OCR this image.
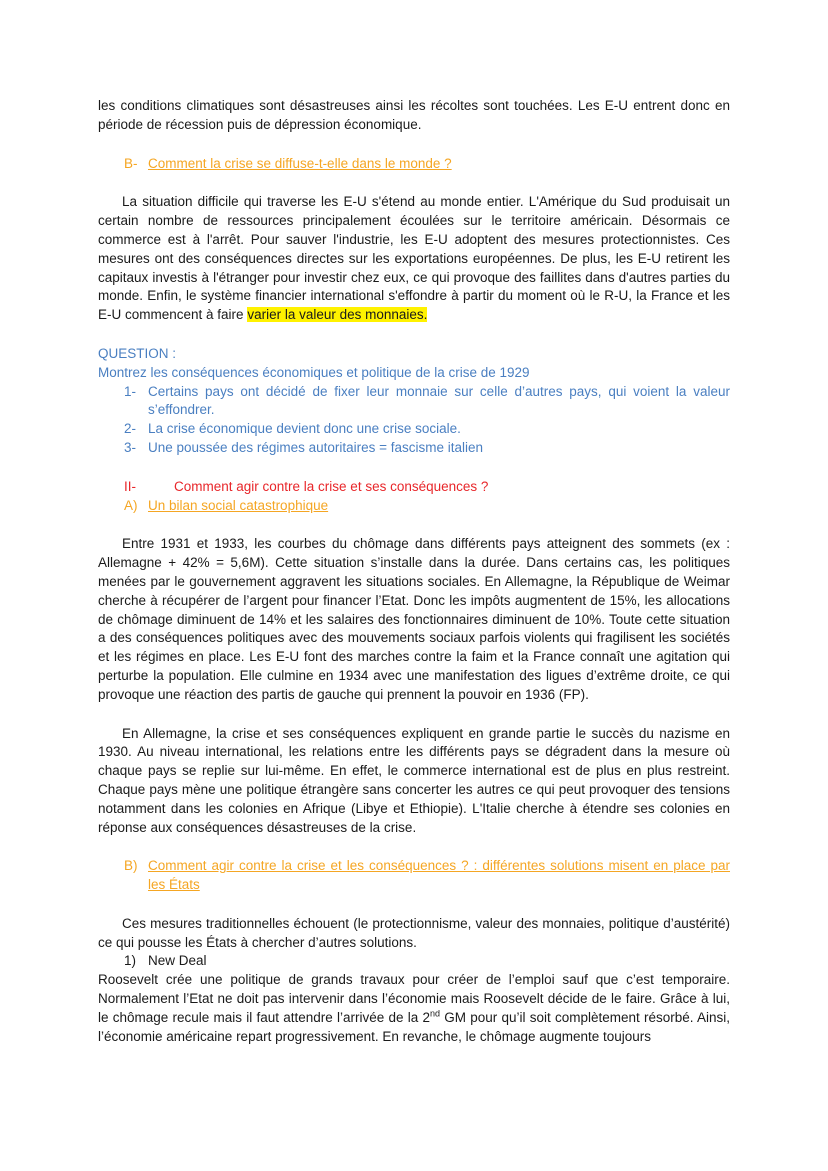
les conditions climatiques sont désastreuses ainsi les récoltes sont touchées. Les E-U entrent donc en période de récession puis de dépression économique.

B- Comment la crise se diffuse-t-elle dans le monde ?

La situation difficile qui traverse les E-U s'étend au monde entier. L'Amérique du Sud produisait un certain nombre de ressources principalement écoulées sur le territoire américain. Désormais ce commerce est à l'arrêt. Pour sauver l'industrie, les E-U adoptent des mesures protectionnistes. Ces mesures ont des conséquences directes sur les exportations européennes. De plus, les E-U retirent les capitaux investis à l'étranger pour investir chez eux, ce qui provoque des faillites dans d'autres parties du monde. Enfin, le système financier international s'effondre à partir du moment où le R-U, la France et les E-U commencent à faire varier la valeur des monnaies.

QUESTION :
Montrez les conséquences économiques et politique de la crise de 1929
1- Certains pays ont décidé de fixer leur monnaie sur celle d’autres pays, qui voient la valeur s’effondrer.
2- La crise économique devient donc une crise sociale.
3- Une poussée des régimes autoritaires = fascisme italien
II-	Comment agir contre la crise et ses conséquences ?
A) Un bilan social catastrophique

Entre 1931 et 1933, les courbes du chômage dans différents pays atteignent des sommets (ex : Allemagne + 42% = 5,6M). Cette situation s’installe dans la durée. Dans certains cas, les politiques menées par le gouvernement aggravent les situations sociales. En Allemagne, la République de Weimar cherche à récupérer de l’argent pour financer l’Etat. Donc les impôts augmentent de 15%, les allocations de chômage diminuent de 14% et les salaires des fonctionnaires diminuent de 10%. Toute cette situation a des conséquences politiques avec des mouvements sociaux parfois violents qui fragilisent les sociétés et les régimes en place. Les E-U font des marches contre la faim et la France connaît une agitation qui perturbe la population. Elle culmine en 1934 avec une manifestation des ligues d’extrême droite, ce qui provoque une réaction des partis de gauche qui prennent la pouvoir en 1936 (FP).

En Allemagne, la crise et ses conséquences expliquent en grande partie le succès du nazisme en 1930. Au niveau international, les relations entre les différents pays se dégradent dans la mesure où chaque pays se replie sur lui-même. En effet, le commerce international est de plus en plus restreint. Chaque pays mène une politique étrangère sans concerter les autres ce qui peut provoquer des tensions notamment dans les colonies en Afrique (Libye et Ethiopie). L'Italie cherche à étendre ses colonies en réponse aux conséquences désastreuses de la crise.

B) Comment agir contre la crise et les conséquences ? : différentes solutions misent en place par les États

Ces mesures traditionnelles échouent (le protectionnisme, valeur des monnaies, politique d’austérité) ce qui pousse les États à chercher d’autres solutions.

1) New Deal

Roosevelt crée une politique de grands travaux pour créer de l’emploi sauf que c’est temporaire. Normalement l’Etat ne doit pas intervenir dans l’économie mais Roosevelt décide de le faire. Grâce à lui, le chômage recule mais il faut attendre l’arrivée de la 2nd GM pour qu’il soit complètement résorbé. Ainsi, l’économie américaine repart progressivement. En revanche, le chômage augmente toujours
